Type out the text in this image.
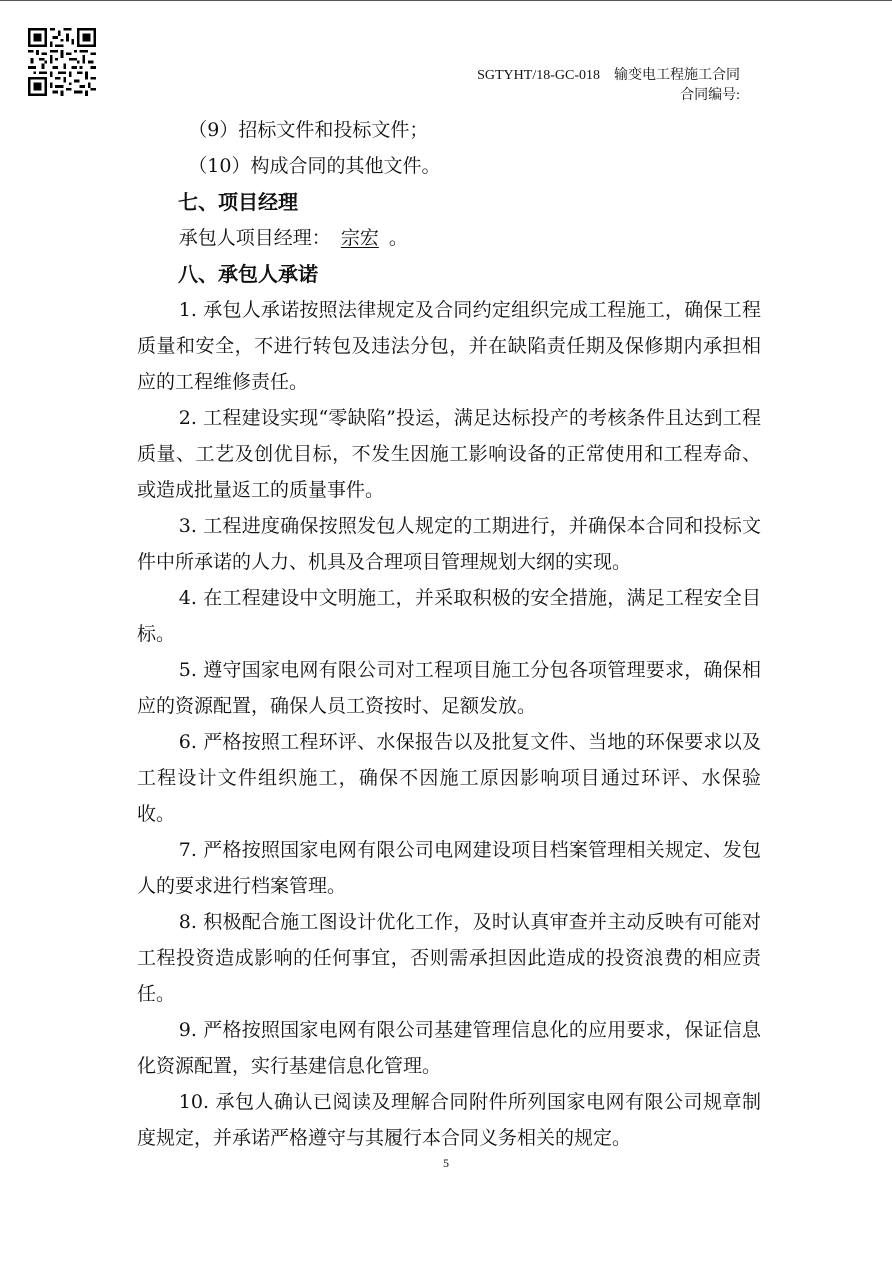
SGTYHT/18-GC-018 输变电工程施工合同
合同编号:

（9）招标文件和投标文件；

（10）构成合同的其他文件。

七、项目经理

承包人项目经理： 宗宏 。

八、承包人承诺

1. 承包人承诺按照法律规定及合同约定组织完成工程施工，确保工程质量和安全，不进行转包及违法分包，并在缺陷责任期及保修期内承担相应的工程维修责任。

2. 工程建设实现“零缺陷”投运，满足达标投产的考核条件且达到工程质量、工艺及创优目标，不发生因施工影响设备的正常使用和工程寿命、或造成批量返工的质量事件。

3. 工程进度确保按照发包人规定的工期进行，并确保本合同和投标文件中所承诺的人力、机具及合理项目管理规划大纲的实现。

4. 在工程建设中文明施工，并采取积极的安全措施，满足工程安全目标。

5. 遵守国家电网有限公司对工程项目施工分包各项管理要求，确保相应的资源配置，确保人员工资按时、足额发放。

6. 严格按照工程环评、水保报告以及批复文件、当地的环保要求以及工程设计文件组织施工，确保不因施工原因影响项目通过环评、水保验收。

7. 严格按照国家电网有限公司电网建设项目档案管理相关规定、发包人的要求进行档案管理。

8. 积极配合施工图设计优化工作，及时认真审查并主动反映有可能对工程投资造成影响的任何事宜，否则需承担因此造成的投资浪费的相应责任。

9. 严格按照国家电网有限公司基建管理信息化的应用要求，保证信息化资源配置，实行基建信息化管理。

10. 承包人确认已阅读及理解合同附件所列国家电网有限公司规章制度规定，并承诺严格遵守与其履行本合同义务相关的规定。

5
